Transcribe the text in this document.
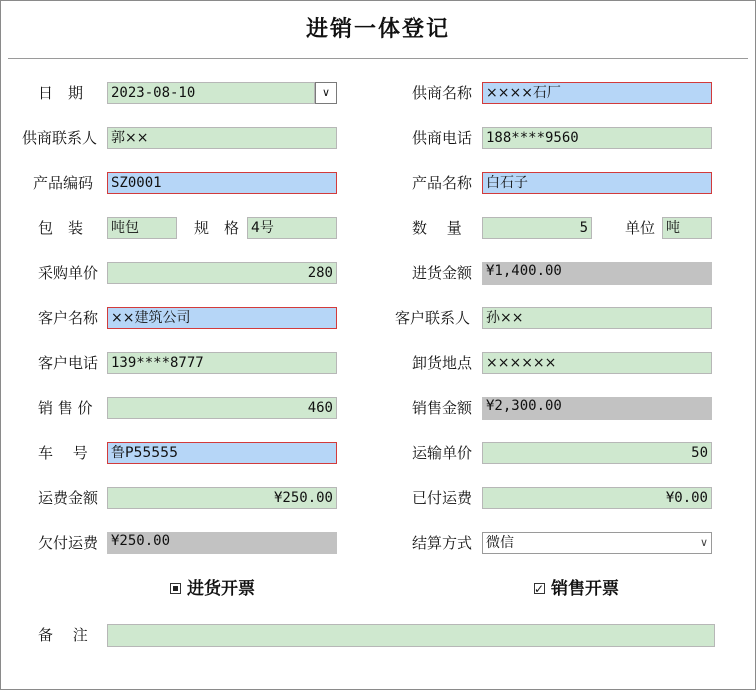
进销一体登记
日　期 2023-08-10	∨
供商联系人 郭××
产品编码 SZ0001
包　装 吨包	规　格 4号
采购单价	280
客户名称 ××建筑公司
客户电话 139****8777
销 售 价	460
车　 号 鲁P55555
运费金额	¥250.00
欠付运费 ¥250.00
供商名称 ××××石厂
供商电话 188****9560
产品名称 白石子
数　 量	5 单位 吨
进货金额 ¥1,400.00
客户联系人 孙××
卸货地点 ××××××
销售金额 ¥2,300.00
运输单价	50
已付运费	¥0.00
结算方式 微信	∨
进货开票 ✓	销售开票
备　 注
